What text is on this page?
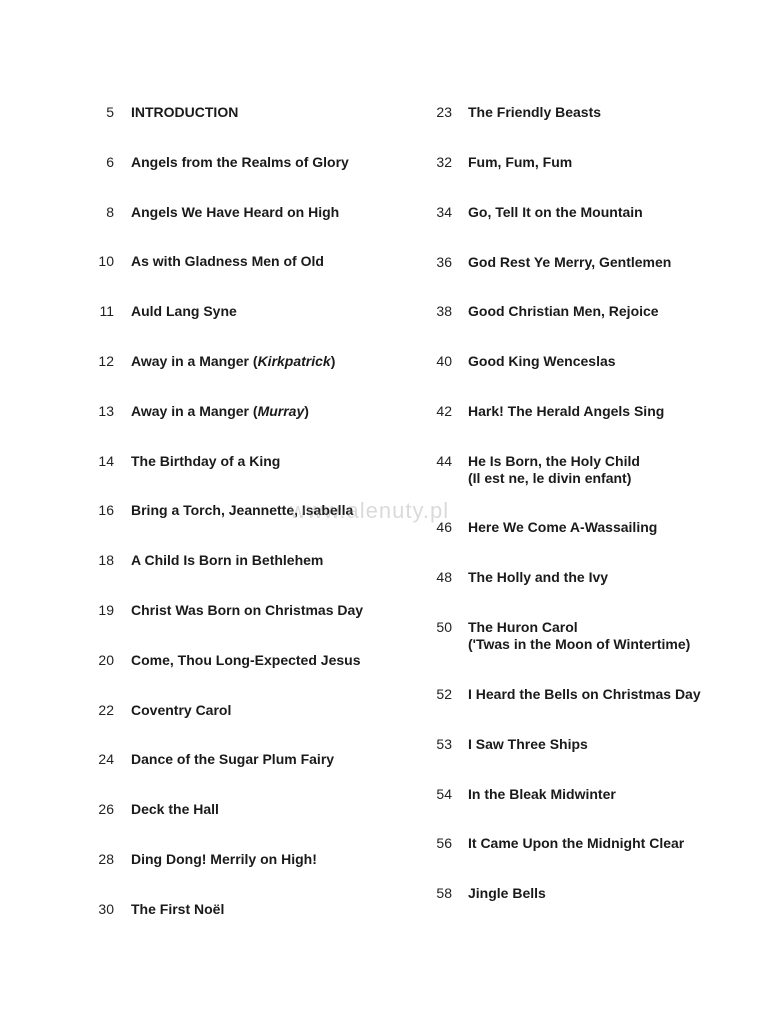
5 INTRODUCTION
6 Angels from the Realms of Glory
8 Angels We Have Heard on High
10 As with Gladness Men of Old
11 Auld Lang Syne
12 Away in a Manger (Kirkpatrick)
13 Away in a Manger (Murray)
14 The Birthday of a King
16 Bring a Torch, Jeannette, Isabella
18 A Child Is Born in Bethlehem
19 Christ Was Born on Christmas Day
20 Come, Thou Long-Expected Jesus
22 Coventry Carol
24 Dance of the Sugar Plum Fairy
26 Deck the Hall
28 Ding Dong! Merrily on High!
30 The First Noël
23 The Friendly Beasts
32 Fum, Fum, Fum
34 Go, Tell It on the Mountain
36 God Rest Ye Merry, Gentlemen
38 Good Christian Men, Rejoice
40 Good King Wenceslas
42 Hark! The Herald Angels Sing
44 He Is Born, the Holy Child
(Il est ne, le divin enfant)
46 Here We Come A-Wassailing
48 The Holly and the Ivy
50 The Huron Carol
('Twas in the Moon of Wintertime)
52 I Heard the Bells on Christmas Day
53 I Saw Three Ships
54 In the Bleak Midwinter
56 It Came Upon the Midnight Clear
58 Jingle Bells
www.alenuty.pl
